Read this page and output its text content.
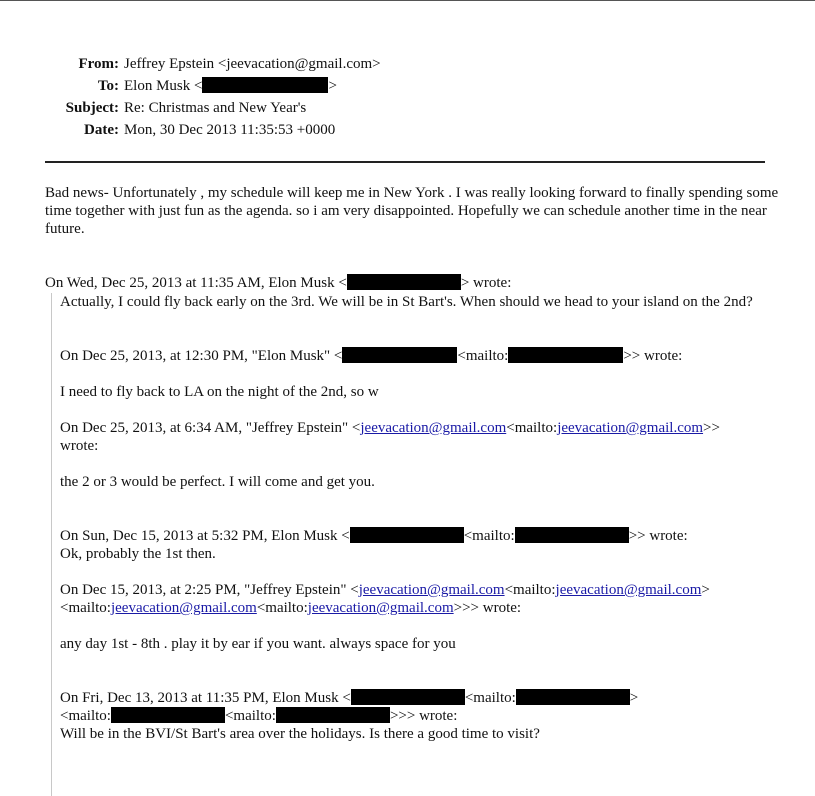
From: Jeffrey Epstein <jeevacation@gmail.com>
To: Elon Musk <	>
Subject: Re: Christmas and New Year's
Date: Mon, 30 Dec 2013 11:35:53 +0000

Bad news- Unfortunately , my schedule will keep me in New York . I was really looking forward to finally spending some time together with just fun as the agenda. so i am very disappointed. Hopefully we can schedule another time in the near future.

On Wed, Dec 25, 2013 at 11:35 AM, Elon Musk <	> wrote:
Actually, I could fly back early on the 3rd. We will be in St Bart's. When should we head to your island on the 2nd?
On Dec 25, 2013, at 12:30 PM, "Elon Musk" <	<mailto:	>> wrote:
I need to fly back to LA on the night of the 2nd, so w
On Dec 25, 2013, at 6:34 AM, "Jeffrey Epstein" <jeevacation@gmail.com<mailto:jeevacation@gmail.com>>
wrote:
the 2 or 3 would be perfect. I will come and get you.
On Sun, Dec 15, 2013 at 5:32 PM, Elon Musk <	<mailto:	>> wrote:
Ok, probably the 1st then.
On Dec 15, 2013, at 2:25 PM, "Jeffrey Epstein" <jeevacation@gmail.com<mailto:jeevacation@gmail.com>
<mailto:jeevacation@gmail.com<mailto:jeevacation@gmail.com>>> wrote:
any day 1st - 8th . play it by ear if you want. always space for you
On Fri, Dec 13, 2013 at 11:35 PM, Elon Musk <	<mailto:	>
<mailto:	<mailto:	>>> wrote:
Will be in the BVI/St Bart's area over the holidays. Is there a good time to visit?
